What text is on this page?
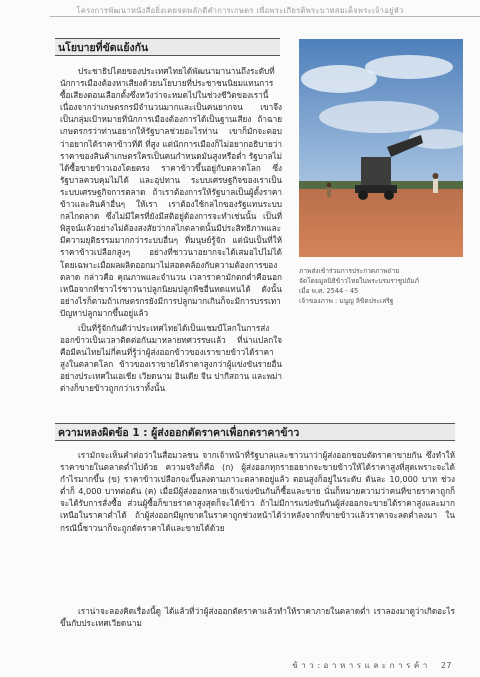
โครงการพัฒนาหนังสือยิ่งเคยจดพลักดีคำการเกษตร เพื่อพระเกียรติพระบาทสมเด็จพระเจ้าอยู่หัว
นโยบายที่ขัดแย้งกัน

ประชาธิปไตยของประเทศไทยได้พัฒนามานานถึงระดับที่นักการเมืองต้องหาเสียงด้วยนโยบายที่ประชาชนนิยมแทนการซื้อเสียงตอนเลือกตั้งซึ่งหวังว่าจะหมดไปในช่วงชีวิตของเรานี้ เนื่องจากว่าเกษตรกรมีจำนวนมากและเป็นคนยากจน เขาจึงเป็นกลุ่มเป้าหมายที่นักการเมืองต้องการได้เป็นฐานเสียง ถ้าฉายเกษตรกรว่าท่านอยากให้รัฐบาลช่วยอะไรท่าน เขาก็มักจะตอบว่าอยากได้ราคาข้าวที่ดี ที่สูง แต่นักการเมืองก็ไม่อยากอธิบายว่าราคาของสินค้าเกษตรใครเป็นคนกำหนดมันสูงหรือต่ำ รัฐบาลไม่ได้ซื้อขายข้าวเองโดยตรง ราคาข้าวขึ้นอยู่กับตลาดโลก ซึ่งรัฐบาลควบคุมไม่ได้ และอุปทาน ระบบเศรษฐกิจของเราเป็นระบบเศรษฐกิจการตลาด ถ้าเราต้องการให้รัฐบาลเป็นผู้ตั้งราคาข้าวและสินค้าอื่นๆ ให้เรา เราต้องใช้กลไกของรัฐแทนระบบกลไกตลาด ซึ่งไม่มีใครที่ยังมีสติอยู่ต้องการจะทำเช่นนั้น เป็นที่พิสูจน์แล้วอย่างไม่ต้องสงสัยว่ากลไกตลาดนั้นมีประสิทธิภาพและมีความยุติธรรมมากกว่าระบบอื่นๆ ที่มนุษย์รู้จัก แต่นับเป็นที่ให้ราคาข้าวเปลือกสูงๆ อย่างที่ชาวนาอยากจะได้เสมอไปไม่ได้ โดยเฉพาะเมื่อผลผลิตออกมาไม่สอดคล้องกับความต้องการของตลาด กล่าวคือ คุณภาพและจำนวน เวลาราคามักตกต่ำคือนอกเหนือจากที่ชาวไร่ชาวนาปลูกนิยมปลูกพืชอื่นทดแทนได้ ดังนั้น อย่างไรก็ตามถ้าเกษตรกรยังมีการปลูกมากเกินก็จะมีการบรรเทาปัญหาปลูกมากขึ้นอยู่แล้ว

เป็นที่รู้จักกันดีว่าประเทศไทยได้เป็นแชมป์โลกในการส่งออกข้าวเป็นเวลาติดต่อกันมาหลายทศวรรษแล้ว ที่น่าแปลกใจคือมีคนไทยไม่กี่คนที่รู้ว่าผู้ส่งออกข้าวของเราขายข้าวได้ราคาสูงในตลาดโลก ข้าวของเราขายได้ราคาสูงกว่าผู้แข่งขันรายอื่นอย่างประเทศในเอเชีย เวียดนาม อินเดีย จีน ปากีสถาน และพม่า ต่างก็ขายข้าวถูกกว่าเราทั้งนั้น

ภาพส่งเข้าร่วมการประกวดภาพถ่าย
จัดโดยมูลนิธิข้าวไทยในพระบรมราชูปถัมภ์
เมื่อ พ.ศ. 2544 - 45
เจ้าของภาพ : มนูญ ลิขิตประเสริฐ

ความหลงผิดข้อ 1 : ผู้ส่งออกตัดราคาเพื่อกดราคาข้าว

เรามักจะเห็นคำต่อว่าในสื่อมวลชน จากเจ้าหน้าที่รัฐบาลและชาวนาว่าผู้ส่งออกชอบตัดราคาขายกัน ซึ่งทำให้ราคาขายในตลาดต่ำไปด้วย ความจริงก็คือ (ก) ผู้ส่งออกทุกรายอยากจะขายข้าวให้ได้ราคาสูงที่สุดเพราะจะได้กำไรมากขึ้น (ข) ราคาข้าวเปลือกจะขึ้นลงตามภาวะตลาดอยู่แล้ว ตอนสูงก็อยู่ในระดับ ตันละ 10,000 บาท ช่วงต่ำก็ 4,000 บาทต่อตัน (ค) เมื่อมีผู้ส่งออกหลายเจ้าแข่งขันกันก็ซื้อและขาย นั่นก็หมายความว่าคนที่ขายราคาถูกก็จะได้รับการสั่งซื้อ ส่วนผู้ซื้อก็ขายราคาสูงสุดก็จะได้ข้าว ถ้าไม่มีการแข่งขันกันผู้ส่งออกจะขายได้ราคาสูงและมากเหนือในราคาต่ำได้ ถ้าผู้ส่งออกมีผูกขาดในราคาถูกช่วงหน้าได้ว่าหลังจากที่ขายข้าวแล้วราคาจะลดต่ำลงมา ในกรณีนี้ชาวนาก็จะถูกตัดราคาได้และขายได้ด้วย

เราน่าจะลองคิดเรื่องนี้ดู ได้แล้วที่ว่าผู้ส่งออกตัดราคาแล้วทำให้ราคาภายในตลาดต่ำ เราลองมาดูว่าเกิดอะไรขึ้นกับประเทศเวียดนาม

ข้ า ว : อ า ห า ร แ ล ะ ก า ร ค้ า 27
